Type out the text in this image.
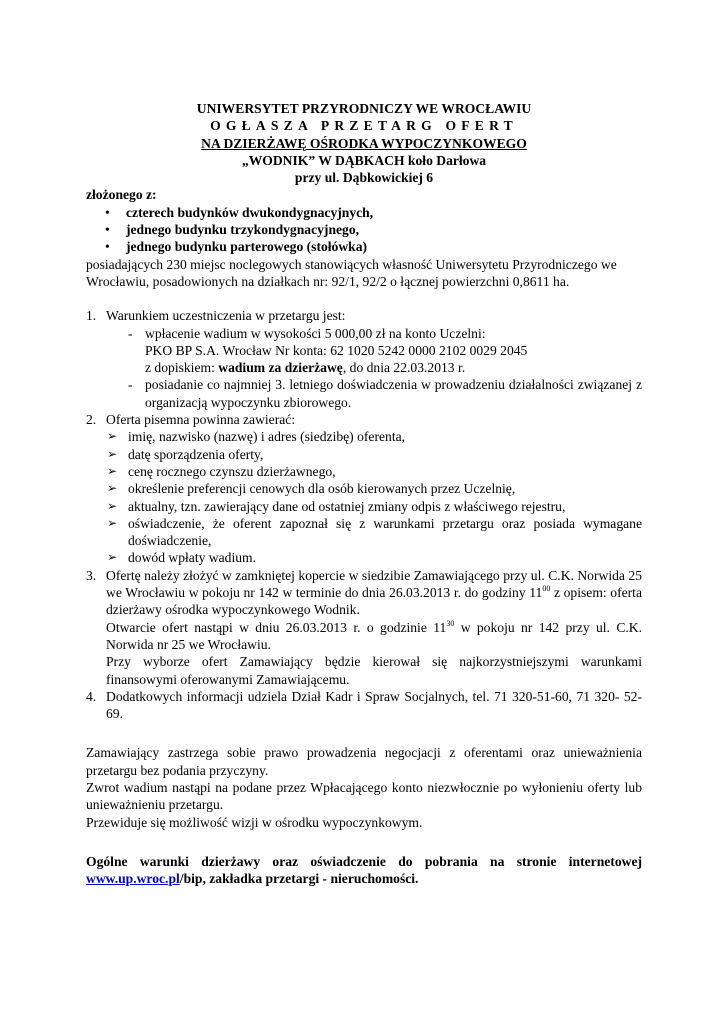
UNIWERSYTET PRZYRODNICZY WE WROCŁAWIU
OGŁASZA PRZETARG OFERT
NA DZIERŻAWĘ OŚRODKA WYPOCZYNKOWEGO
„WODNIK” W DĄBKACH koło Darłowa
przy ul. Dąbkowickiej 6

złożonego z:

• czterech budynków dwukondygnacyjnych,
• jednego budynku trzykondygnacyjnego,
• jednego budynku parterowego (stołówka)

posiadających 230 miejsc noclegowych stanowiących własność Uniwersytetu Przyrodniczego we Wrocławiu, posadowionych na działkach nr: 92/1, 92/2 o łącznej powierzchni 0,8611 ha.

1. Warunkiem uczestniczenia w przetargu jest:
- wpłacenie wadium w wysokości 5 000,00 zł na konto Uczelni:
PKO BP S.A. Wrocław Nr konta: 62 1020 5242 0000 2102 0029 2045
z dopiskiem: wadium za dzierżawę, do dnia 22.03.2013 r.
- posiadanie co najmniej 3. letniego doświadczenia w prowadzeniu działalności związanej z organizacją wypoczynku zbiorowego.
2. Oferta pisemna powinna zawierać:
➢ imię, nazwisko (nazwę) i adres (siedzibę) oferenta,
➢ datę sporządzenia oferty,
➢ cenę rocznego czynszu dzierżawnego,
➢ określenie preferencji cenowych dla osób kierowanych przez Uczelnię,
➢ aktualny, tzn. zawierający dane od ostatniej zmiany odpis z właściwego rejestru,
➢ oświadczenie, że oferent zapoznał się z warunkami przetargu oraz posiada wymagane doświadczenie,
➢ dowód wpłaty wadium.
3. Ofertę należy złożyć w zamkniętej kopercie w siedzibie Zamawiającego przy ul. C.K. Norwida 25 we Wrocławiu w pokoju nr 142 w terminie do dnia 26.03.2013 r. do godziny $11^{00}$ z opisem: oferta dzierżawy ośrodka wypoczynkowego Wodnik.
Otwarcie ofert nastąpi w dniu 26.03.2013 r. o godzinie $11^{30}$ w pokoju nr 142 przy ul. C.K. Norwida nr 25 we Wrocławiu.
Przy wyborze ofert Zamawiający będzie kierował się najkorzystniejszymi warunkami finansowymi oferowanymi Zamawiającemu.
4. Dodatkowych informacji udziela Dział Kadr i Spraw Socjalnych, tel. 71 320-51-60, 71 320- 52-69.

Zamawiający zastrzega sobie prawo prowadzenia negocjacji z oferentami oraz unieważnienia przetargu bez podania przyczyny.

Zwrot wadium nastąpi na podane przez Wpłacającego konto niezwłocznie po wyłonieniu oferty lub unieważnieniu przetargu.

Przewiduje się możliwość wizji w ośrodku wypoczynkowym.

Ogólne warunki dzierżawy oraz oświadczenie do pobrania na stronie internetowej www.up.wroc.pl/bip, zakładka przetargi - nieruchomości.
